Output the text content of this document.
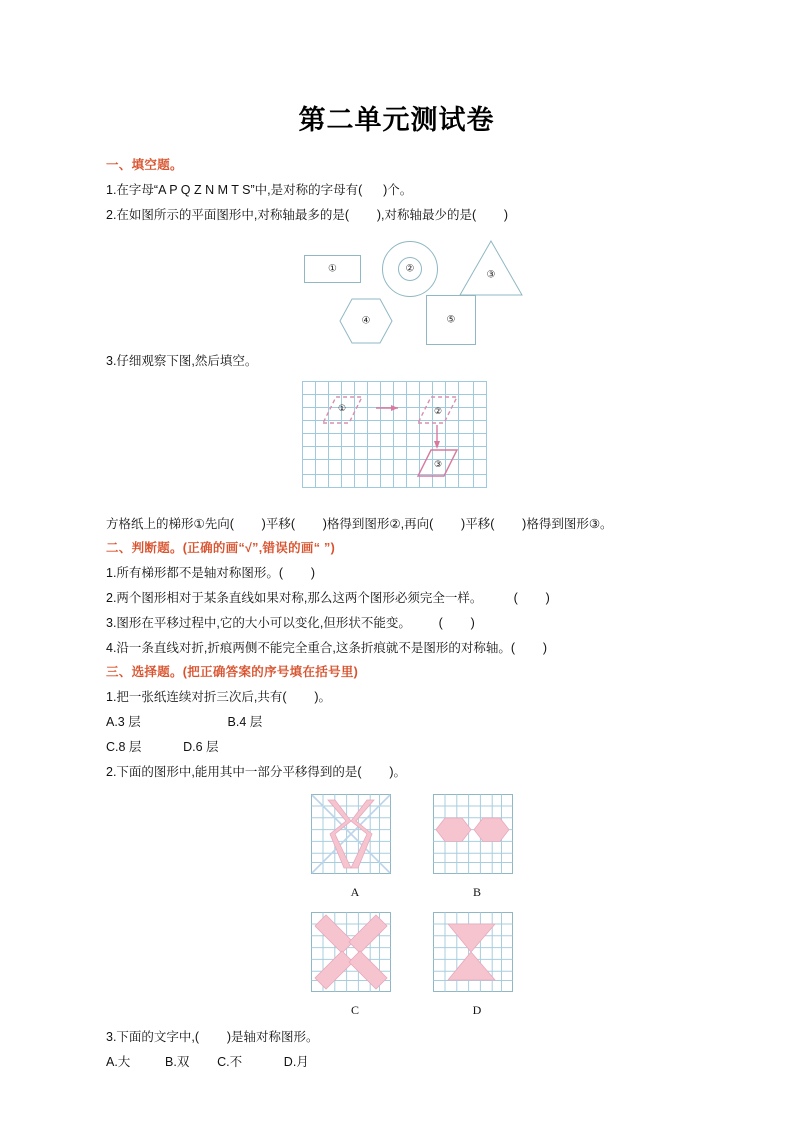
第二单元测试卷
一、填空题。
1.在字母“A P Q Z N M T S”中,是对称的字母有(      )个。
2.在如图所示的平面图形中,对称轴最多的是(        ),对称轴最少的是(        )
①	②
③
④	⑤
3.仔细观察下图,然后填空。
①	②
③
方格纸上的梯形①先向(        )平移(        )格得到图形②,再向(        )平移(        )格得到图形③。
二、判断题。(正确的画“√”,错误的画“ ”)
1.所有梯形都不是轴对称图形。(        )
2.两个图形相对于某条直线如果对称,那么这两个图形必须完全一样。         (        )
3.图形在平移过程中,它的大小可以变化,但形状不能变。        (        )
4.沿一条直线对折,折痕两侧不能完全重合,这条折痕就不是图形的对称轴。(        )
三、选择题。(把正确答案的序号填在括号里)
1.把一张纸连续对折三次后,共有(        )。
A.3 层                         B.4 层
C.8 层            D.6 层
2.下面的图形中,能用其中一部分平移得到的是(        )。
A	B
C	D
3.下面的文字中,(        )是轴对称图形。
A.大          B.双        C.不            D.月
